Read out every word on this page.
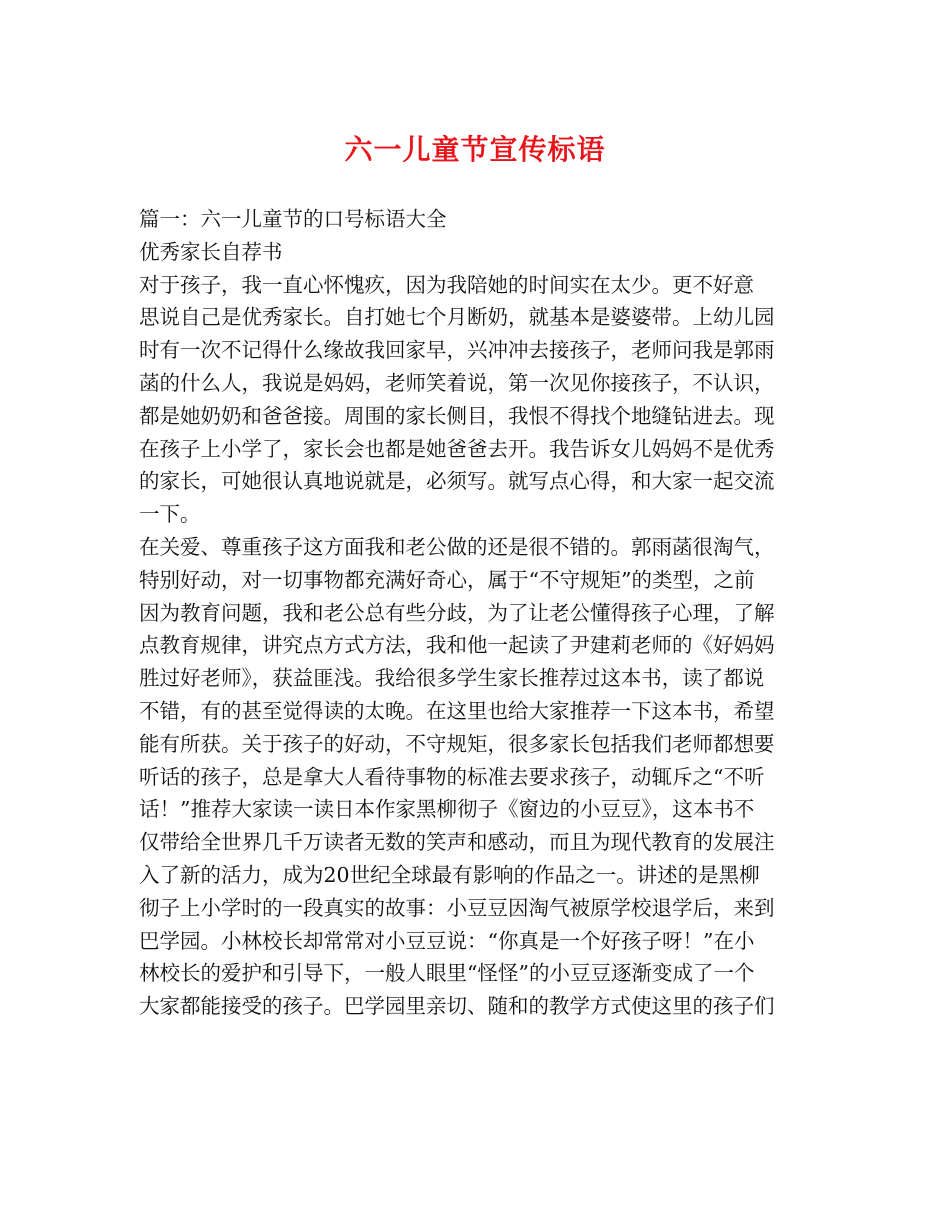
六一儿童节宣传标语
篇一：六一儿童节的口号标语大全
优秀家长自荐书
对于孩子，我一直心怀愧疚，因为我陪她的时间实在太少。更不好意
思说自己是优秀家长。自打她七个月断奶，就基本是婆婆带。上幼儿园
时有一次不记得什么缘故我回家早，兴冲冲去接孩子，老师问我是郭雨
菡的什么人，我说是妈妈，老师笑着说，第一次见你接孩子，不认识，
都是她奶奶和爸爸接。周围的家长侧目，我恨不得找个地缝钻进去。现
在孩子上小学了，家长会也都是她爸爸去开。我告诉女儿妈妈不是优秀
的家长，可她很认真地说就是，必须写。就写点心得，和大家一起交流
一下。
在关爱、尊重孩子这方面我和老公做的还是很不错的。郭雨菡很淘气，
特别好动，对一切事物都充满好奇心，属于“不守规矩”的类型，之前
因为教育问题，我和老公总有些分歧，为了让老公懂得孩子心理，了解
点教育规律，讲究点方式方法，我和他一起读了尹建莉老师的《好妈妈
胜过好老师》，获益匪浅。我给很多学生家长推荐过这本书，读了都说
不错，有的甚至觉得读的太晚。在这里也给大家推荐一下这本书，希望
能有所获。关于孩子的好动，不守规矩，很多家长包括我们老师都想要
听话的孩子，总是拿大人看待事物的标准去要求孩子，动辄斥之“不听
话！”推荐大家读一读日本作家黑柳彻子《窗边的小豆豆》，这本书不
仅带给全世界几千万读者无数的笑声和感动，而且为现代教育的发展注
入了新的活力，成为20世纪全球最有影响的作品之一。讲述的是黑柳
彻子上小学时的一段真实的故事：小豆豆因淘气被原学校退学后，来到
巴学园。小林校长却常常对小豆豆说：“你真是一个好孩子呀！”在小
林校长的爱护和引导下，一般人眼里“怪怪”的小豆豆逐渐变成了一个
大家都能接受的孩子。巴学园里亲切、随和的教学方式使这里的孩子们
